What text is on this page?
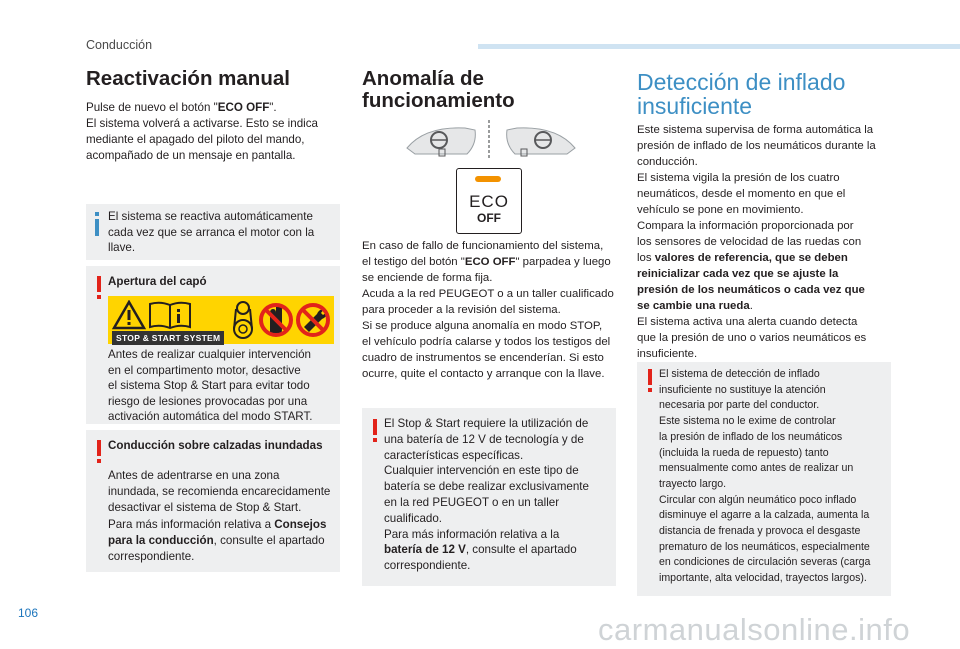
Conducción
Reactivación manual
Pulse de nuevo el botón "ECO OFF".
El sistema volverá a activarse. Esto se indica
mediante el apagado del piloto del mando,
acompañado de un mensaje en pantalla.
El sistema se reactiva automáticamente
cada vez que se arranca el motor con la
llave.
Apertura del capó
STOP & START SYSTEM
Antes de realizar cualquier intervención
en el compartimento motor, desactive
el sistema Stop & Start para evitar todo
riesgo de lesiones provocadas por una
activación automática del modo START.
Conducción sobre calzadas inundadas
Antes de adentrarse en una zona
inundada, se recomienda encarecidamente
desactivar el sistema de Stop & Start.
Para más información relativa a Consejos
para la conducción, consulte el apartado
correspondiente.
Anomalía de
funcionamiento
ECO
OFF
En caso de fallo de funcionamiento del sistema,
el testigo del botón "ECO OFF" parpadea y luego
se enciende de forma fija.
Acuda a la red PEUGEOT o a un taller cualificado
para proceder a la revisión del sistema.
Si se produce alguna anomalía en modo STOP,
el vehículo podría calarse y todos los testigos del
cuadro de instrumentos se encenderían. Si esto
ocurre, quite el contacto y arranque con la llave.
El Stop & Start requiere la utilización de
una batería de 12 V de tecnología y de
características específicas.
Cualquier intervención en este tipo de
batería se debe realizar exclusivamente
en la red PEUGEOT o en un taller
cualificado.
Para más información relativa a la
batería de 12 V, consulte el apartado
correspondiente.
Detección de inflado
insuficiente
Este sistema supervisa de forma automática la
presión de inflado de los neumáticos durante la
conducción.
El sistema vigila la presión de los cuatro
neumáticos, desde el momento en que el
vehículo se pone en movimiento.
Compara la información proporcionada por
los sensores de velocidad de las ruedas con
los valores de referencia, que se deben
reinicializar cada vez que se ajuste la
presión de los neumáticos o cada vez que
se cambie una rueda.
El sistema activa una alerta cuando detecta
que la presión de uno o varios neumáticos es
insuficiente.
El sistema de detección de inflado
insuficiente no sustituye la atención
necesaria por parte del conductor.
Este sistema no le exime de controlar
la presión de inflado de los neumáticos
(incluida la rueda de repuesto) tanto
mensualmente como antes de realizar un
trayecto largo.
Circular con algún neumático poco inflado
disminuye el agarre a la calzada, aumenta la
distancia de frenada y provoca el desgaste
prematuro de los neumáticos, especialmente
en condiciones de circulación severas (carga
importante, alta velocidad, trayectos largos).
106	carmanualsonline.info
